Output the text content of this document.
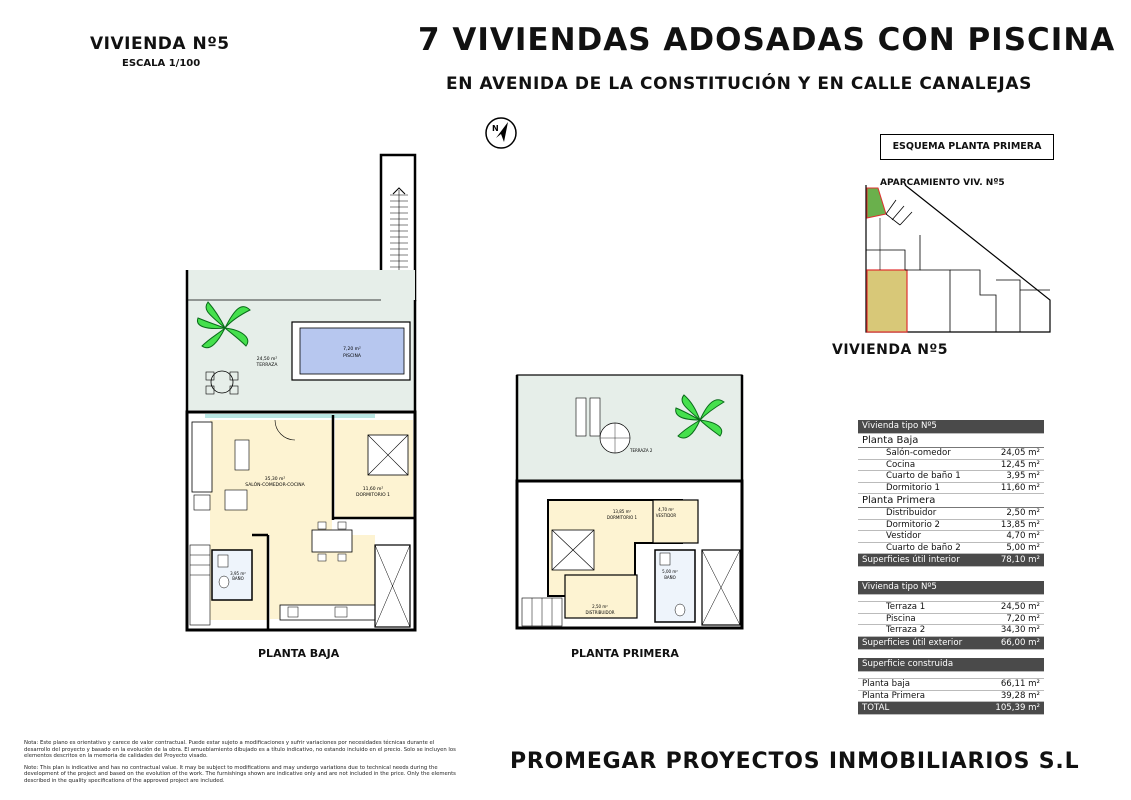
VIVIENDA Nº5
ESCALA 1/100
7 VIVIENDAS ADOSADAS CON PISCINA
EN AVENIDA DE LA CONSTITUCIÓN Y EN CALLE CANALEJAS
N
7,20 m²
PISCINA
24,50 m²
TERRAZA
11,60 m²
DORMITORIO 1
35,30 m²
SALÓN-COMEDOR-COCINA
3,95 m²
BAÑO
PLANTA BAJA
TERRAZA 2
13,85 m²
DORMITORIO 1
4,70 m²
VESTIDOR
2,50 m²
DISTRIBUIDOR
5,00 m²
BAÑO
PLANTA PRIMERA
ESQUEMA PLANTA PRIMERA
APARCAMIENTO VIV. Nº5
VIVIENDA Nº5
Vivienda tipo Nº5	
Planta Baja	
Salón-comedor	24,05 m²
Cocina	12,45 m²
Cuarto de baño 1	3,95 m²
Dormitorio 1	11,60 m²
Planta Primera	
Distribuidor	2,50 m²
Dormitorio 2	13,85 m²
Vestidor	4,70 m²
Cuarto de baño 2	5,00 m²
Superficies útil interior	78,10 m²
Vivienda tipo Nº5	

Terraza 1	24,50 m²
Piscina	7,20 m²
Terraza 2	34,30 m²
Superficies útil exterior	66,00 m²
Superficie construida	

Planta baja	66,11 m²
Planta Primera	39,28 m²
TOTAL	105,39 m²
Nota: Este plano es orientativo y carece de valor contractual. Puede estar sujeto a modificaciones y sufrir variaciones por necesidades técnicas durante el desarrollo del proyecto y basado en la evolución de la obra. El amueblamiento dibujado es a título indicativo, no estando incluido en el precio. Solo se incluyen los elementos descritos en la memoria de calidades del Proyecto visado.
Note: This plan is indicative and has no contractual value. It may be subject to modifications and may undergo variations due to technical needs during the development of the project and based on the evolution of the work. The furnishings shown are indicative only and are not included in the price. Only the elements described in the quality specifications of the approved project are included.
PROMEGAR PROYECTOS INMOBILIARIOS S.L
